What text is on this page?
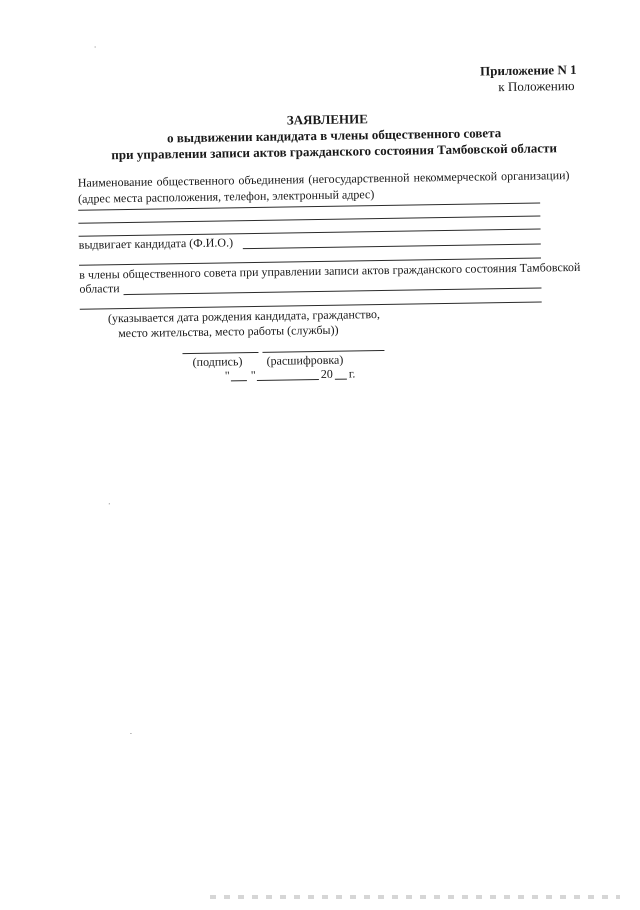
Приложение N 1
к Положению
ЗАЯВЛЕНИЕ
о выдвижении кандидата в члены общественного совета
при управлении записи актов гражданского состояния Тамбовской области
Наименование общественного объединения (негосударственной некоммерческой организации)
(адрес места расположения, телефон, электронный адрес)
выдвигает кандидата (Ф.И.О.)
в члены общественного совета при управлении записи актов гражданского состояния Тамбовской
области
(указывается дата рождения кандидата, гражданство,
место жительства, место работы (службы))
(подпись) (расшифровка)
" "	20 г.
